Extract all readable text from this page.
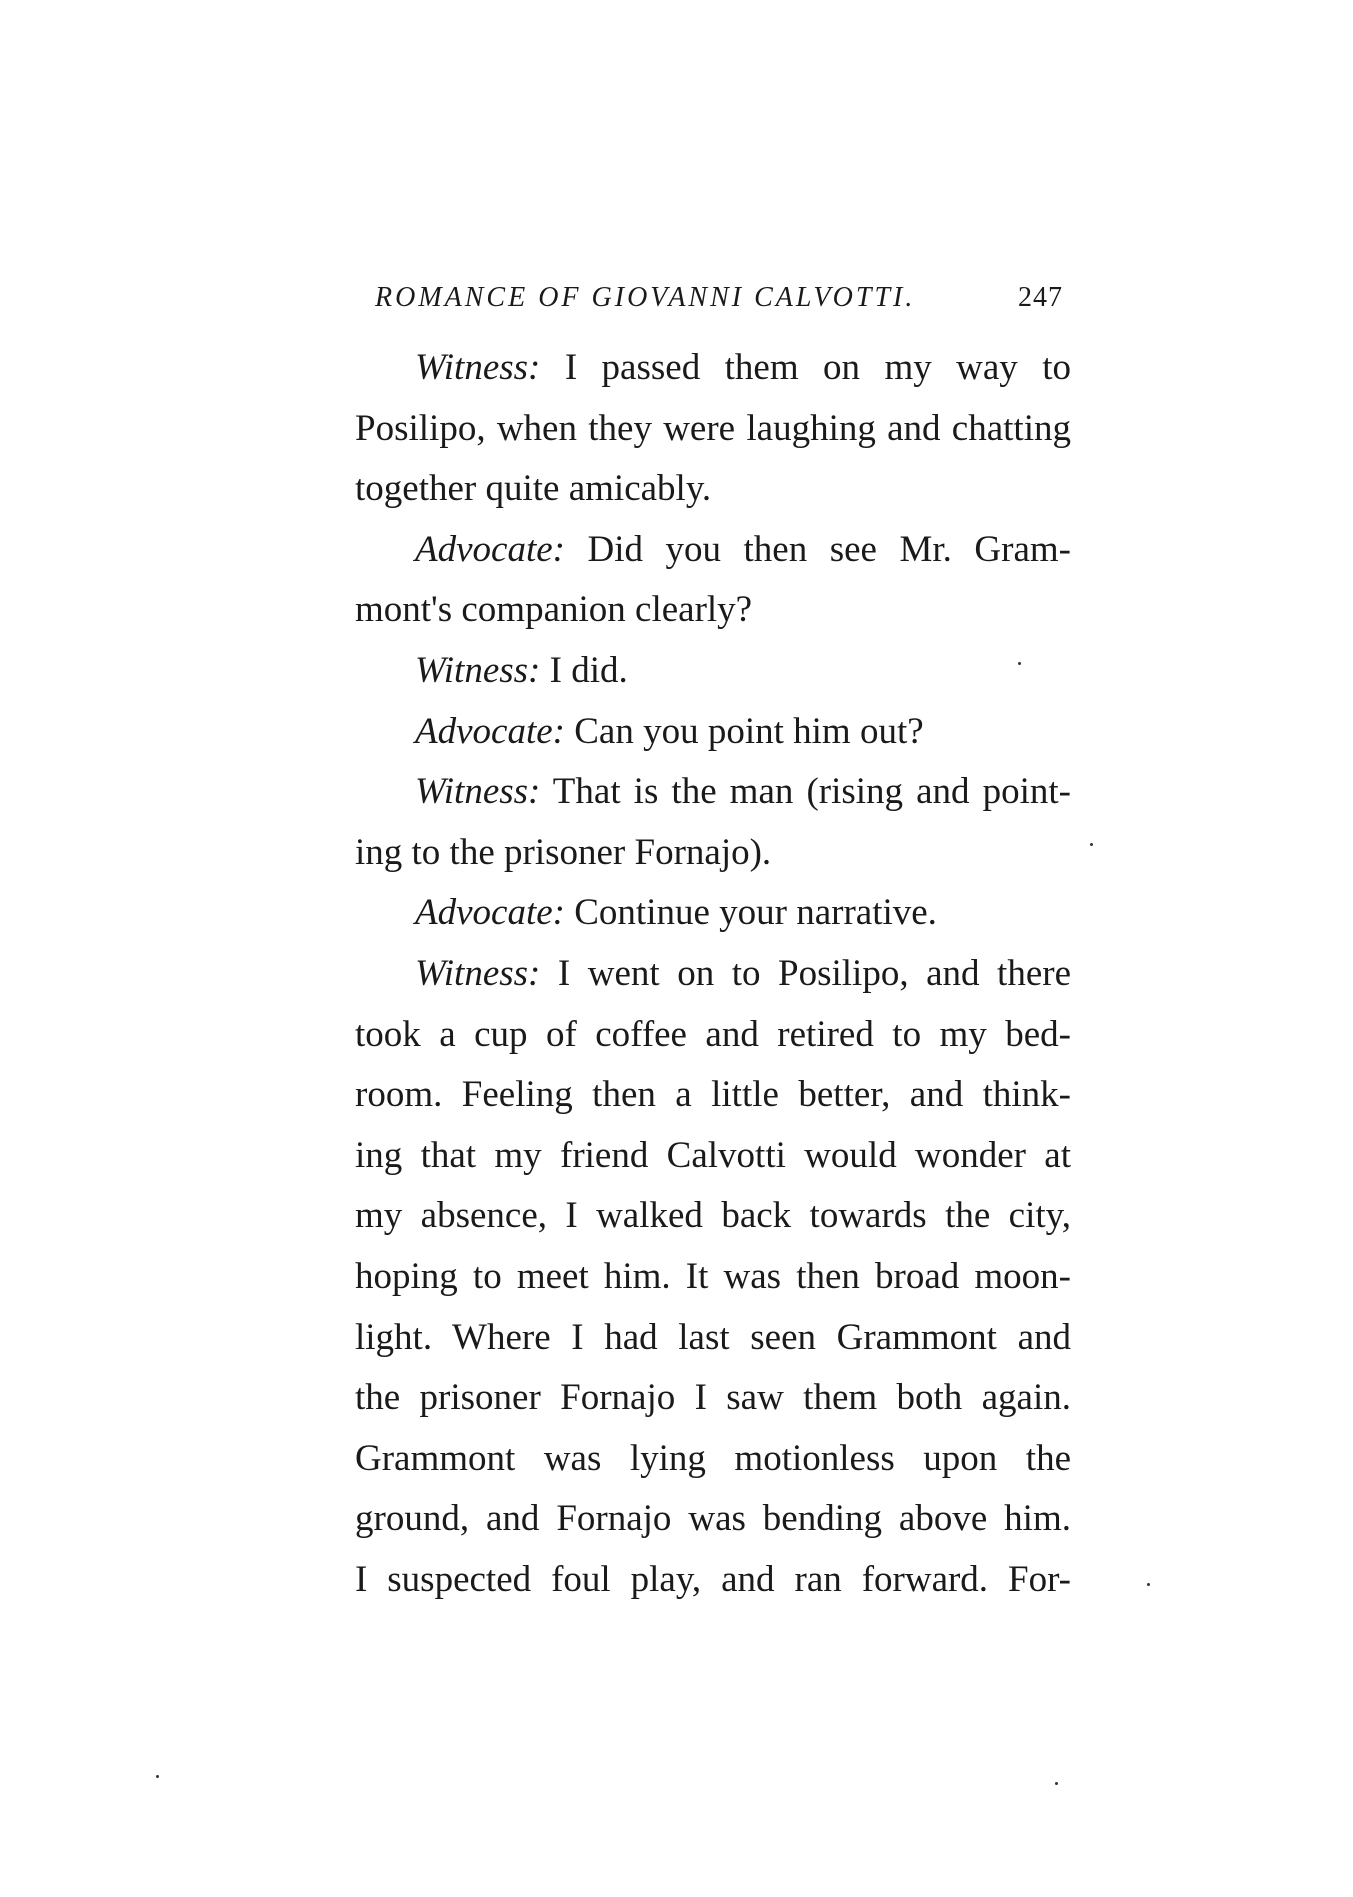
ROMANCE OF GIOVANNI CALVOTTI.	247
Witness: I passed them on my way to
Posilipo, when they were laughing and chatting
together quite amicably.
Advocate: Did you then see Mr. Gram-
mont's companion clearly?
Witness: I did.
Advocate: Can you point him out?
Witness: That is the man (rising and point-
ing to the prisoner Fornajo).
Advocate: Continue your narrative.
Witness: I went on to Posilipo, and there
took a cup of coffee and retired to my bed-
room. Feeling then a little better, and think-
ing that my friend Calvotti would wonder at
my absence, I walked back towards the city,
hoping to meet him. It was then broad moon-
light. Where I had last seen Grammont and
the prisoner Fornajo I saw them both again.
Grammont was lying motionless upon the
ground, and Fornajo was bending above him.
I suspected foul play, and ran forward. For-
